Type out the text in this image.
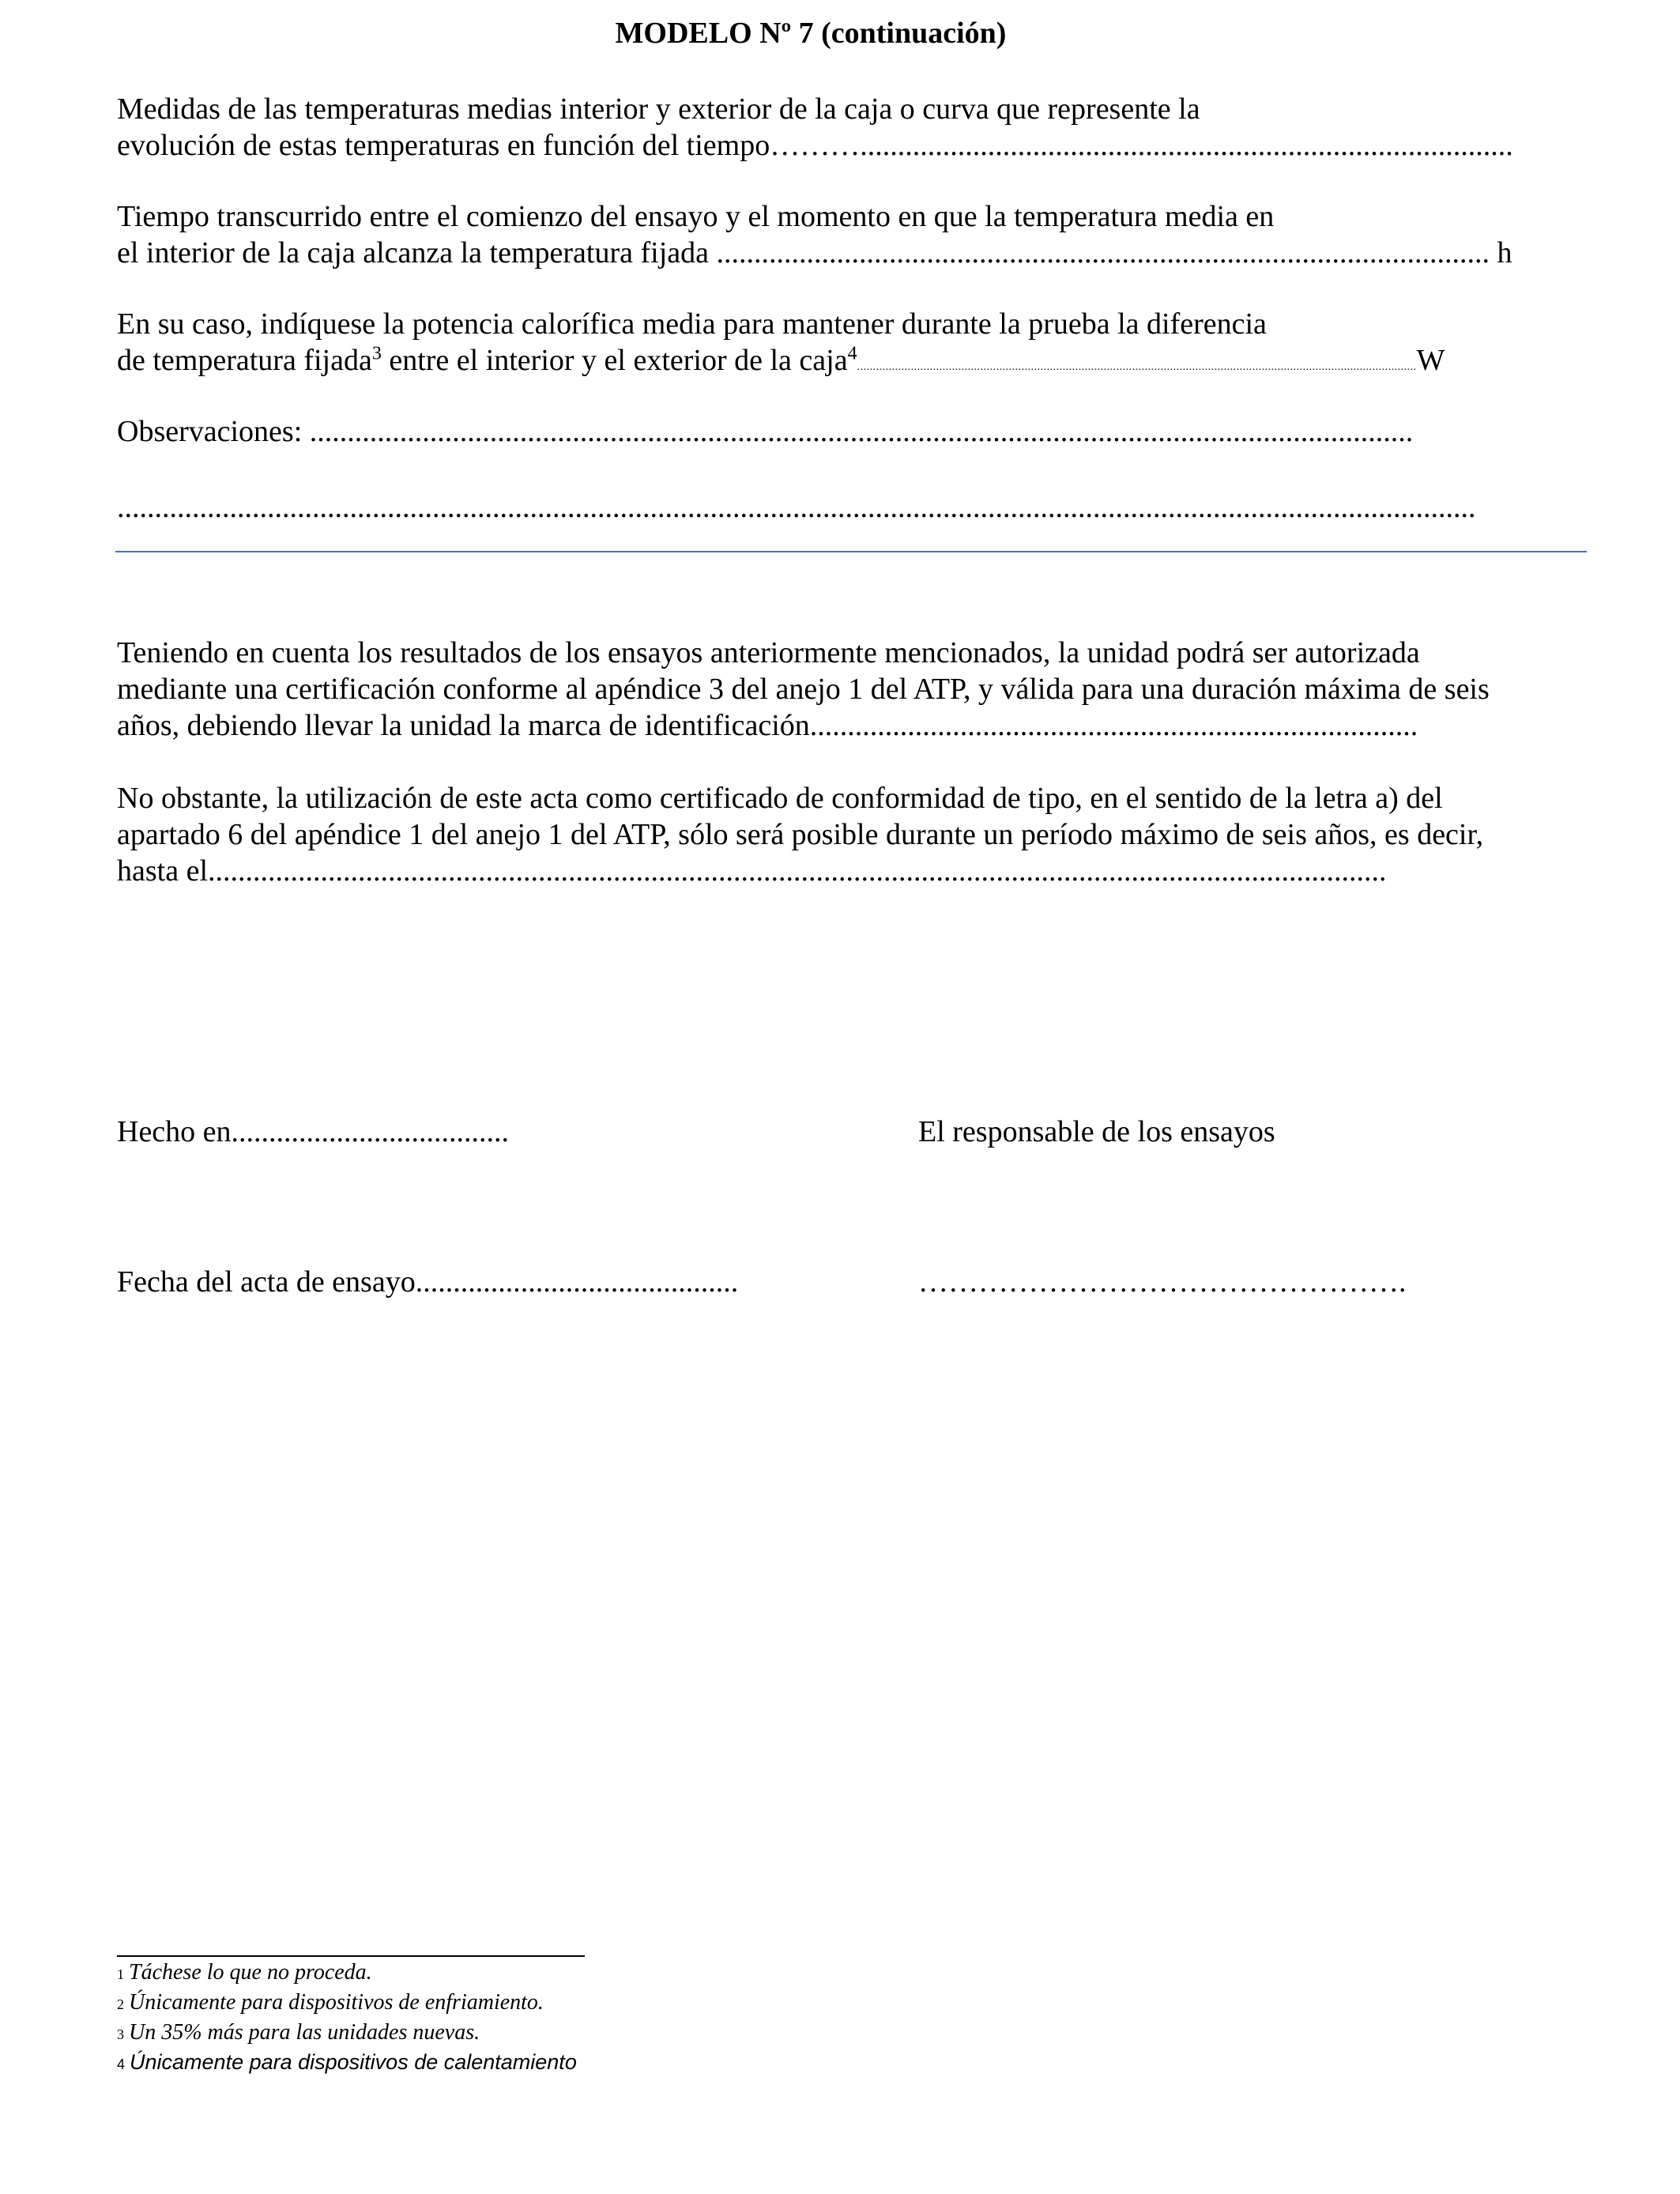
MODELO Nº 7 (continuación)
Medidas de las temperaturas medias interior y exterior de la caja o curva que represente la
evolución de estas temperaturas en función del tiempo……….......................................................................................
Tiempo transcurrido entre el comienzo del ensayo y el momento en que la temperatura media en
el interior de la caja alcanza la temperatura fijada ....................................................................................................... h
En su caso, indíquese la potencia calorífica media para mantener durante la prueba la diferencia
de temperatura fijada$^3$ entre el interior y el exterior de la caja$^4$.................................................................................................................................................................................W
Observaciones: ...................................................................................................................................................
.....................................................................................................................................................................................
Teniendo en cuenta los resultados de los ensayos anteriormente mencionados, la unidad podrá ser autorizada
mediante una certificación conforme al apéndice 3 del anejo 1 del ATP, y válida para una duración máxima de seis
años, debiendo llevar la unidad la marca de identificación.................................................................................
No obstante, la utilización de este acta como certificado de conformidad de tipo, en el sentido de la letra a) del
apartado 6 del apéndice 1 del anejo 1 del ATP, sólo será posible durante un período máximo de seis años, es decir,
hasta el.............................................................................................................................................................
Hecho en.....................................	El responsable de los ensayos
Fecha del acta de ensayo...........................................	………………………………………….
1 Táchese lo que no proceda.
2 Únicamente para dispositivos de enfriamiento.
3 Un 35% más para las unidades nuevas.
4 Únicamente para dispositivos de calentamiento
